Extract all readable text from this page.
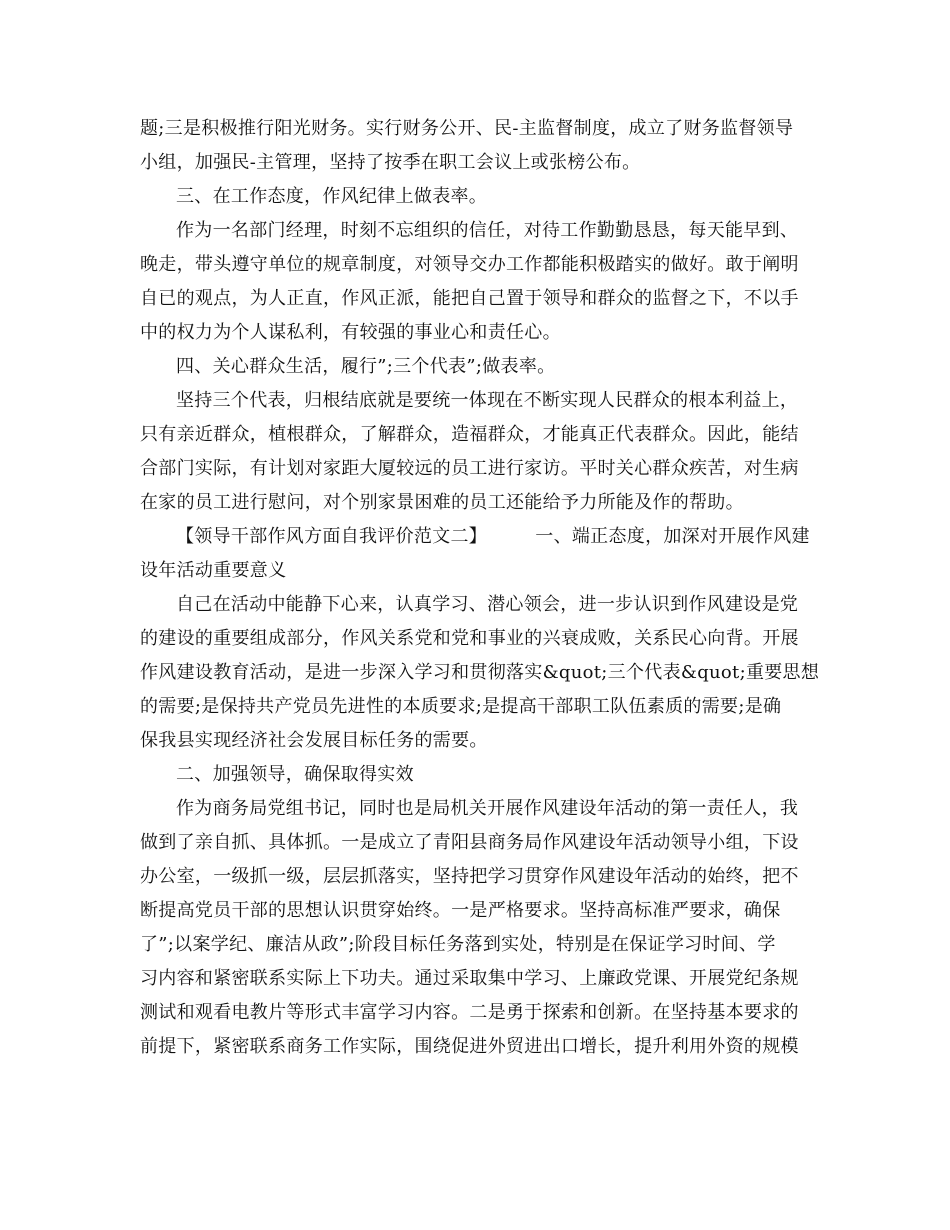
题;三是积极推行阳光财务。实行财务公开、民-主监督制度，成立了财务监督领导
小组，加强民-主管理，坚持了按季在职工会议上或张榜公布。
三、在工作态度，作风纪律上做表率。
作为一名部门经理，时刻不忘组织的信任，对待工作勤勤恳恳，每天能早到、
晚走，带头遵守单位的规章制度，对领导交办工作都能积极踏实的做好。敢于阐明
自已的观点，为人正直，作风正派，能把自己置于领导和群众的监督之下，不以手
中的权力为个人谋私利，有较强的事业心和责任心。
四、关心群众生活，履行”;三个代表”;做表率。
坚持三个代表，归根结底就是要统一体现在不断实现人民群众的根本利益上，
只有亲近群众，植根群众，了解群众，造福群众，才能真正代表群众。因此，能结
合部门实际，有计划对家距大厦较远的员工进行家访。平时关心群众疾苦，对生病
在家的员工进行慰问，对个别家景困难的员工还能给予力所能及作的帮助。
【领导干部作风方面自我评价范文二】        一、端正态度，加深对开展作风建
设年活动重要意义
自己在活动中能静下心来，认真学习、潜心领会，进一步认识到作风建设是党
的建设的重要组成部分，作风关系党和党和事业的兴衰成败，关系民心向背。开展
作风建设教育活动，是进一步深入学习和贯彻落实&quot;三个代表&quot;重要思想
的需要;是保持共产党员先进性的本质要求;是提高干部职工队伍素质的需要;是确
保我县实现经济社会发展目标任务的需要。
二、加强领导，确保取得实效
作为商务局党组书记，同时也是局机关开展作风建设年活动的第一责任人，我
做到了亲自抓、具体抓。一是成立了青阳县商务局作风建设年活动领导小组，下设
办公室，一级抓一级，层层抓落实，坚持把学习贯穿作风建设年活动的始终，把不
断提高党员干部的思想认识贯穿始终。一是严格要求。坚持高标准严要求，确保
了”;以案学纪、廉洁从政”;阶段目标任务落到实处，特别是在保证学习时间、学
习内容和紧密联系实际上下功夫。通过采取集中学习、上廉政党课、开展党纪条规
测试和观看电教片等形式丰富学习内容。二是勇于探索和创新。在坚持基本要求的
前提下，紧密联系商务工作实际，围绕促进外贸进出口增长，提升利用外资的规模
